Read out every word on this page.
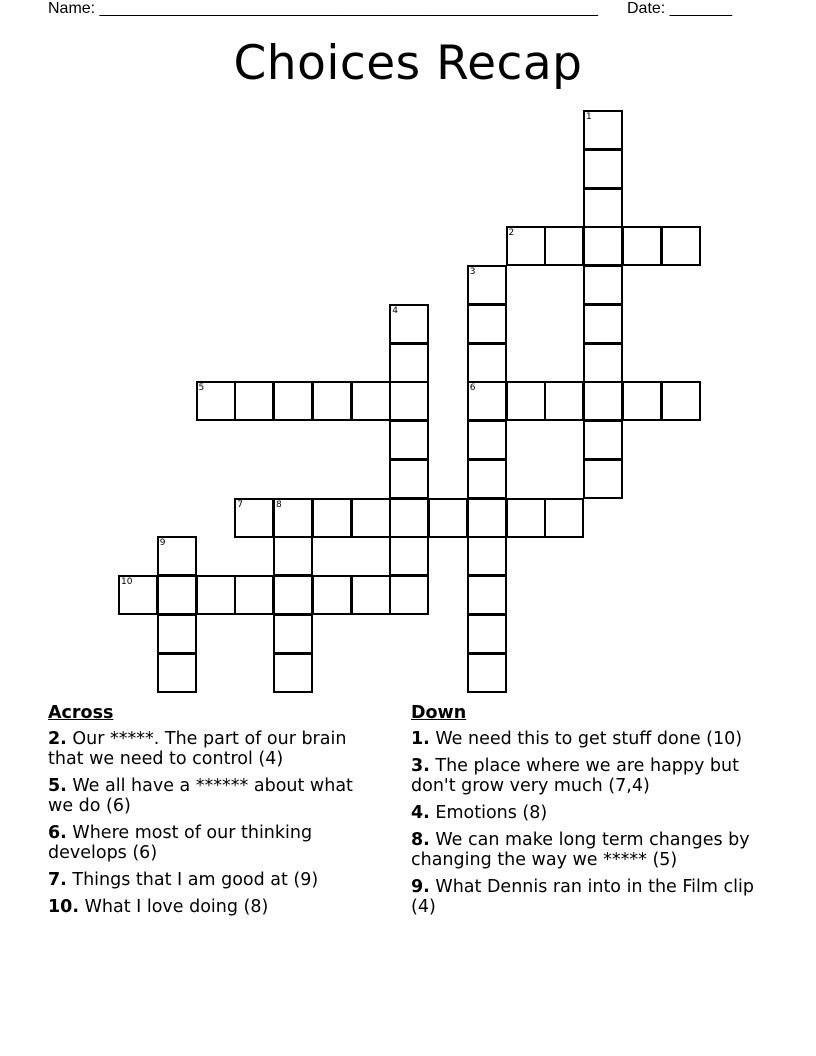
Name: ________________________________________________________ Date: _______
Choices Recap
1
2
3
6
4
5
7	8
9
10
Across
2. Our *****. The part of our brain that we need to control (4)
5. We all have a ****** about what we do (6)
6. Where most of our thinking develops (6)
7. Things that I am good at (9)
10. What I love doing (8)
Down
1. We need this to get stuff done (10)
3. The place where we are happy but don't grow very much (7,4)
4. Emotions (8)
8. We can make long term changes by changing the way we ***** (5)
9. What Dennis ran into in the Film clip (4)
